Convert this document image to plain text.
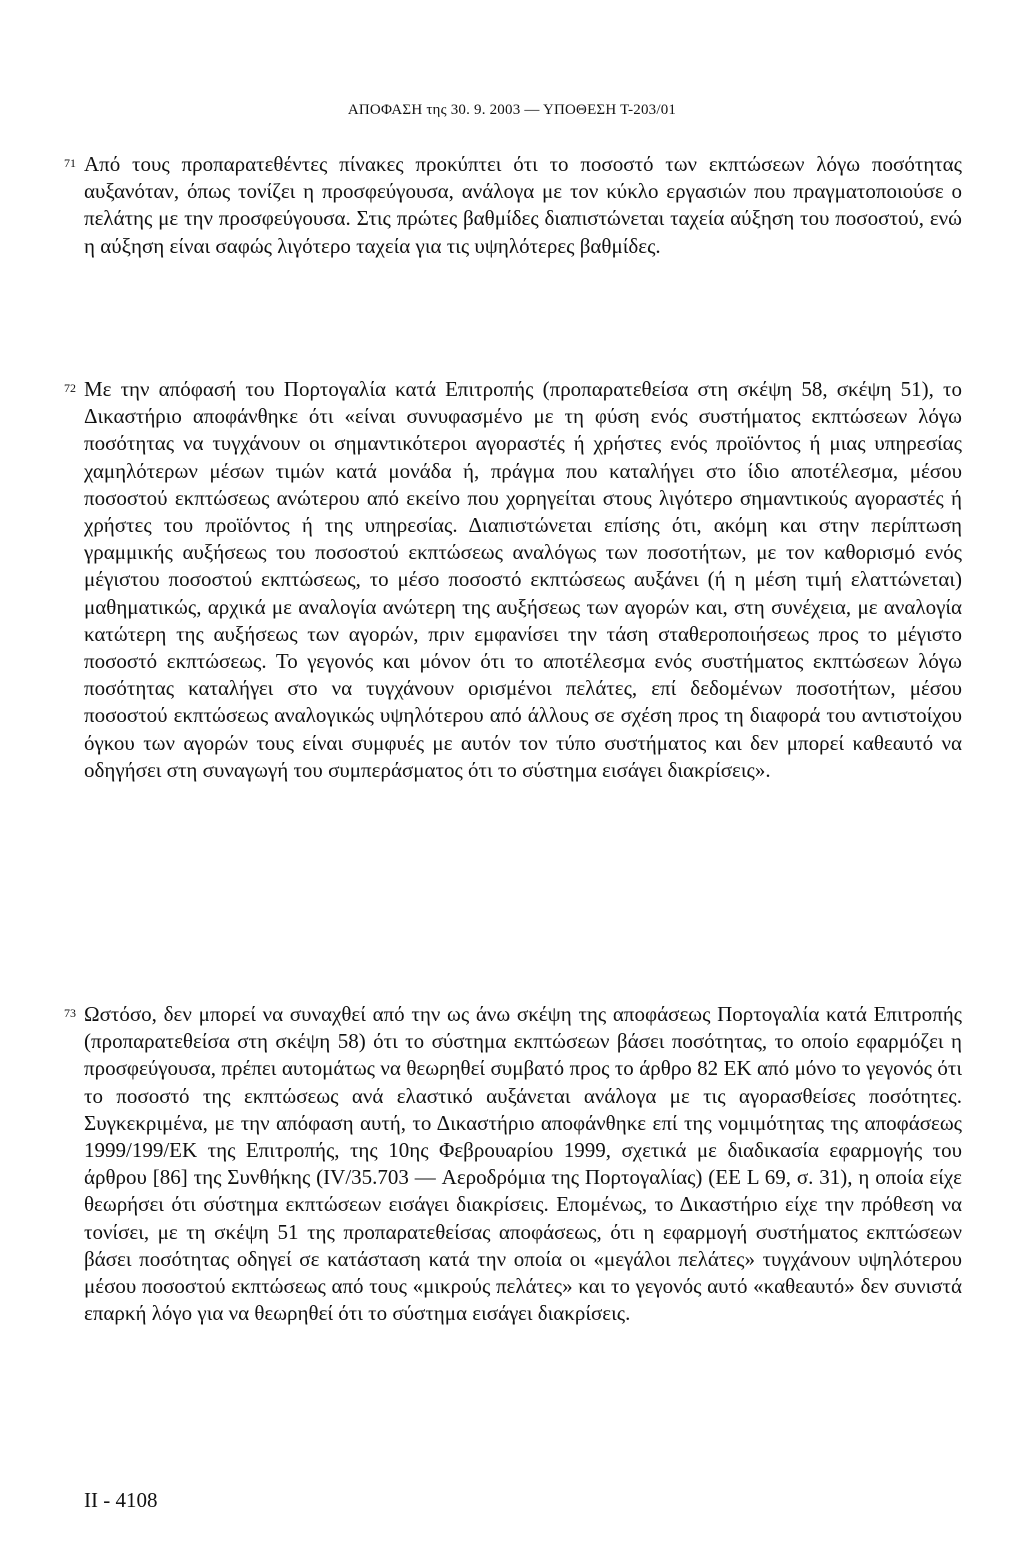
ΑΠΟΦΑΣΗ της 30. 9. 2003 — ΥΠΟΘΕΣΗ Τ-203/01
71 Από τους προπαρατεθέντες πίνακες προκύπτει ότι το ποσοστό των εκπτώσεων λόγω ποσότητας αυξανόταν, όπως τονίζει η προσφεύγουσα, ανάλογα με τον κύκλο εργασιών που πραγματοποιούσε ο πελάτης με την προσφεύγουσα. Στις πρώτες βαθμίδες διαπιστώνεται ταχεία αύξηση του ποσοστού, ενώ η αύξηση είναι σαφώς λιγότερο ταχεία για τις υψηλότερες βαθμίδες.

72 Με την απόφασή του Πορτογαλία κατά Επιτροπής (προπαρατεθείσα στη σκέψη 58, σκέψη 51), το Δικαστήριο αποφάνθηκε ότι «είναι συνυφασμένο με τη φύση ενός συστήματος εκπτώσεων λόγω ποσότητας να τυγχάνουν οι σημαντικότεροι αγοραστές ή χρήστες ενός προϊόντος ή μιας υπηρεσίας χαμηλότερων μέσων τιμών κατά μονάδα ή, πράγμα που καταλήγει στο ίδιο αποτέλεσμα, μέσου ποσοστού εκπτώσεως ανώτερου από εκείνο που χορηγείται στους λιγότερο σημαντικούς αγοραστές ή χρήστες του προϊόντος ή της υπηρεσίας. Διαπιστώνεται επίσης ότι, ακόμη και στην περίπτωση γραμμικής αυξήσεως του ποσοστού εκπτώσεως αναλόγως των ποσοτήτων, με τον καθορισμό ενός μέγιστου ποσοστού εκπτώσεως, το μέσο ποσοστό εκπτώσεως αυξάνει (ή η μέση τιμή ελαττώνεται) μαθηματικώς, αρχικά με αναλογία ανώτερη της αυξήσεως των αγορών και, στη συνέχεια, με αναλογία κατώτερη της αυξήσεως των αγορών, πριν εμφανίσει την τάση σταθεροποιήσεως προς το μέγιστο ποσοστό εκπτώσεως. Το γεγονός και μόνον ότι το αποτέλεσμα ενός συστήματος εκπτώσεων λόγω ποσότητας καταλήγει στο να τυγχάνουν ορισμένοι πελάτες, επί δεδομένων ποσοτήτων, μέσου ποσοστού εκπτώσεως αναλογικώς υψηλότερου από άλλους σε σχέση προς τη διαφορά του αντιστοίχου όγκου των αγορών τους είναι συμφυές με αυτόν τον τύπο συστήματος και δεν μπορεί καθεαυτό να οδηγήσει στη συναγωγή του συμπεράσματος ότι το σύστημα εισάγει διακρίσεις».

73 Ωστόσο, δεν μπορεί να συναχθεί από την ως άνω σκέψη της αποφάσεως Πορτογαλία κατά Επιτροπής (προπαρατεθείσα στη σκέψη 58) ότι το σύστημα εκπτώσεων βάσει ποσότητας, το οποίο εφαρμόζει η προσφεύγουσα, πρέπει αυτομάτως να θεωρηθεί συμβατό προς το άρθρο 82 ΕΚ από μόνο το γεγονός ότι το ποσοστό της εκπτώσεως ανά ελαστικό αυξάνεται ανάλογα με τις αγορασθείσες ποσότητες. Συγκεκριμένα, με την απόφαση αυτή, το Δικαστήριο αποφάνθηκε επί της νομιμότητας της αποφάσεως 1999/199/ΕΚ της Επιτροπής, της 10ης Φεβρουαρίου 1999, σχετικά με διαδικασία εφαρμογής του άρθρου [86] της Συνθήκης (IV/35.703 — Αεροδρόμια της Πορτογαλίας) (ΕΕ L 69, σ. 31), η οποία είχε θεωρήσει ότι σύστημα εκπτώσεων εισάγει διακρίσεις. Επομένως, το Δικαστήριο είχε την πρόθεση να τονίσει, με τη σκέψη 51 της προπαρατεθείσας αποφάσεως, ότι η εφαρμογή συστήματος εκπτώσεων βάσει ποσότητας οδηγεί σε κατάσταση κατά την οποία οι «μεγάλοι πελάτες» τυγχάνουν υψηλότερου μέσου ποσοστού εκπτώσεως από τους «μικρούς πελάτες» και το γεγονός αυτό «καθεαυτό» δεν συνιστά επαρκή λόγο για να θεωρηθεί ότι το σύστημα εισάγει διακρίσεις.

II - 4108
